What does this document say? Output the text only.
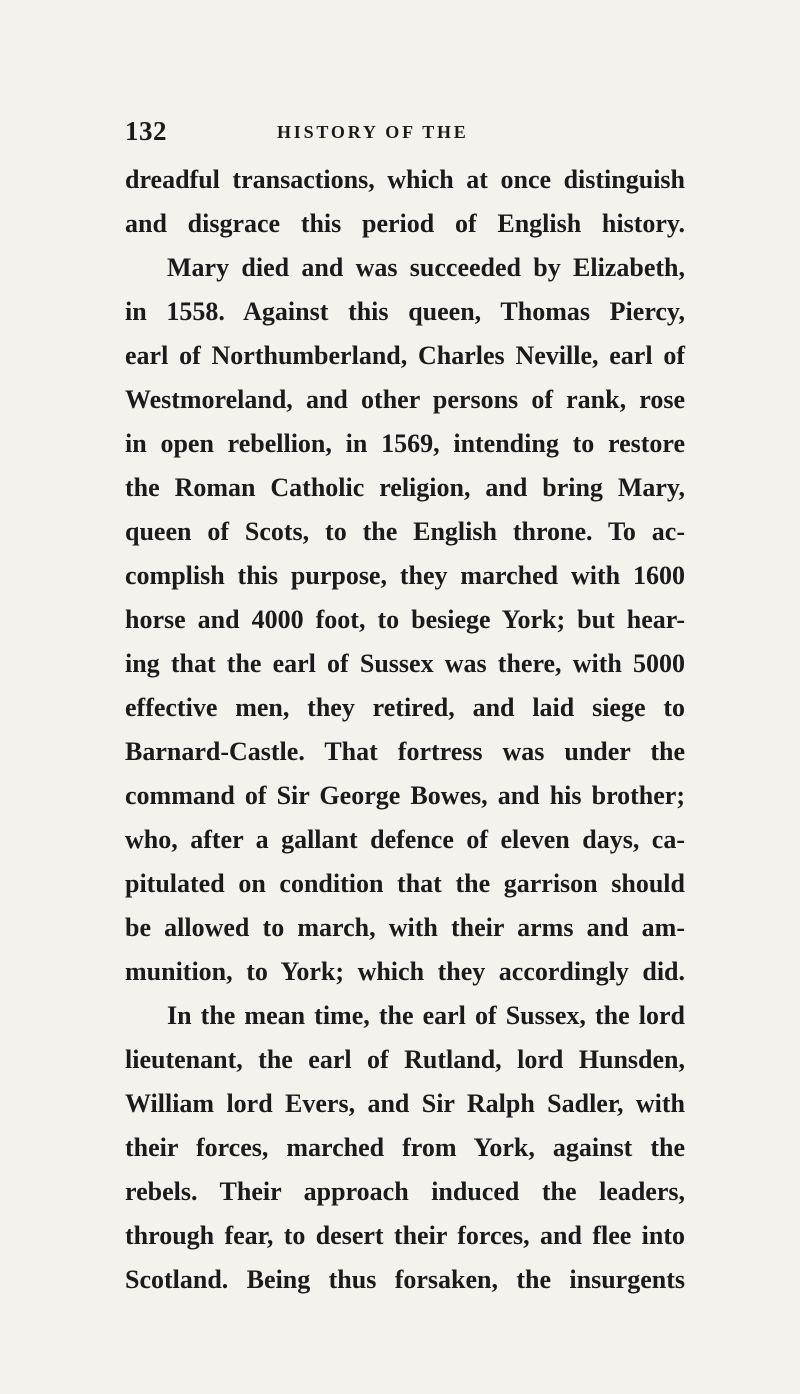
132	HISTORY OF THE
dreadful transactions, which at once distinguish
and disgrace this period of English history.
Mary died and was succeeded by Elizabeth,
in 1558. Against this queen, Thomas Piercy,
earl of Northumberland, Charles Neville, earl of
Westmoreland, and other persons of rank, rose
in open rebellion, in 1569, intending to restore
the Roman Catholic religion, and bring Mary,
queen of Scots, to the English throne. To ac-
complish this purpose, they marched with 1600
horse and 4000 foot, to besiege York; but hear-
ing that the earl of Sussex was there, with 5000
effective men, they retired, and laid siege to
Barnard-Castle. That fortress was under the
command of Sir George Bowes, and his brother;
who, after a gallant defence of eleven days, ca-
pitulated on condition that the garrison should
be allowed to march, with their arms and am-
munition, to York; which they accordingly did.
In the mean time, the earl of Sussex, the lord
lieutenant, the earl of Rutland, lord Hunsden,
William lord Evers, and Sir Ralph Sadler, with
their forces, marched from York, against the
rebels. Their approach induced the leaders,
through fear, to desert their forces, and flee into
Scotland. Being thus forsaken, the insurgents
